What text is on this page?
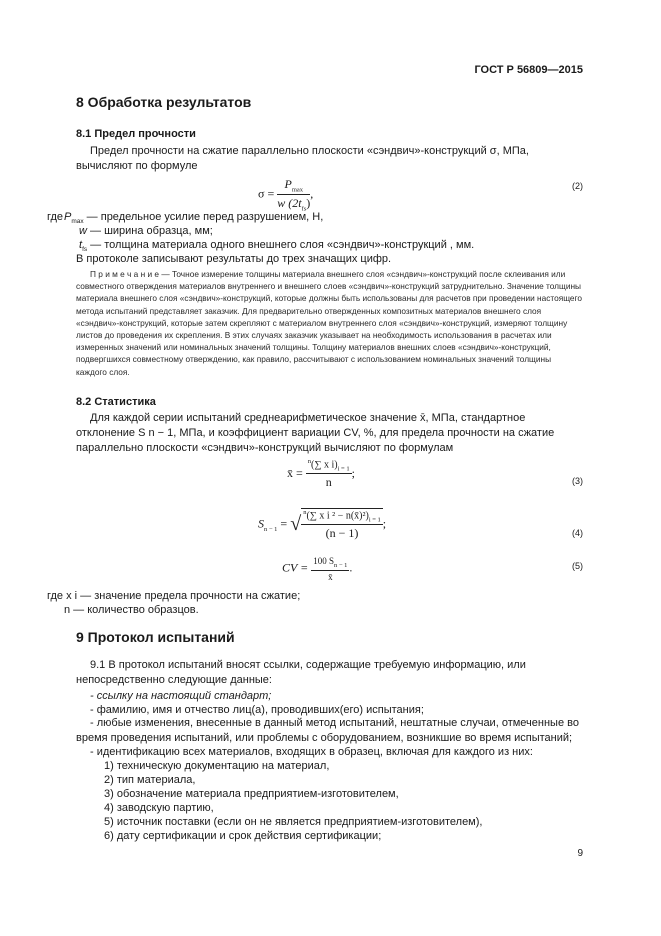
ГОСТ Р 56809—2015
8 Обработка результатов
8.1 Предел прочности
Предел прочности на сжатие параллельно плоскости «сэндвич»-конструкций σ, МПа, вычисляют по формуле
$\sigma = \frac{P_{max}}{w (2t_{fs})}$ ,
(2)
где $P_{max}$ — предельное усилие перед разрушением, Н,
w — ширина образца, мм;
$t_{fs}$ — толщина материала одного внешнего слоя «сэндвич»-конструкций , мм.
В протоколе записывают результаты до трех значащих цифр.
П р и м е ч а н и е — Точное измерение толщины материала внешнего слоя «сэндвич»-конструкций после склеивания или совместного отверждения материалов внутреннего и внешнего слоев «сэндвич»-конструкций затруднительно. Значение толщины материала внешнего слоя «сэндвич»-конструкций, которые должны быть использованы для расчетов при проведении настоящего метода испытаний представляет заказчик. Для предварительно отвержденных композитных материалов внешнего слоя «сэндвич»-конструкций, которые затем скрепляют с материалом внутреннего слоя «сэндвич»-конструкций, измеряют толщину листов до проведения их скрепления. В этих случаях заказчик указывает на необходимость использования в расчетах или измеренных значений или номинальных значений толщины. Толщину материалов внешних слоев «сэндвич»-конструкций, подвергшихся совместному отверждению, как правило, рассчитывают с использованием номинальных значений толщины каждого слоя.
8.2 Статистика
Для каждой серии испытаний среднеарифметическое значение x̄, МПа, стандартное отклонение S n − 1, МПа, и коэффициент вариации CV, %, для предела прочности на сжатие параллельно плоскости «сэндвич»-конструкций вычисляют по формулам
x̄ = $\frac{^n(\sum x i)_{i = 1}}{n}$ ;
(3)
$S_{n - 1}$ = √ $\frac{^n(\sum x i ^2 - n(x̄)^2)_{i = 1}}{(n - 1)}$ ;
(4)
CV = $\frac{100 S_{n - 1}}{x̄}$ .	(5)
где x i — значение предела прочности на сжатие;
n — количество образцов.
9 Протокол испытаний
9.1 В протокол испытаний вносят ссылки, содержащие требуемую информацию, или непосредственно следующие данные:
- ссылку на настоящий стандарт;
- фамилию, имя и отчество лиц(а), проводивших(его) испытания;
- любые изменения, внесенные в данный метод испытаний, нештатные случаи, отмеченные во время проведения испытаний, или проблемы с оборудованием, возникшие во время испытаний;
- идентификацию всех материалов, входящих в образец, включая для каждого из них:
1) техническую документацию на материал,
2) тип материала,
3) обозначение материала предприятием-изготовителем,
4) заводскую партию,
5) источник поставки (если он не является предприятием-изготовителем),
6) дату сертификации и срок действия сертификации;
9
